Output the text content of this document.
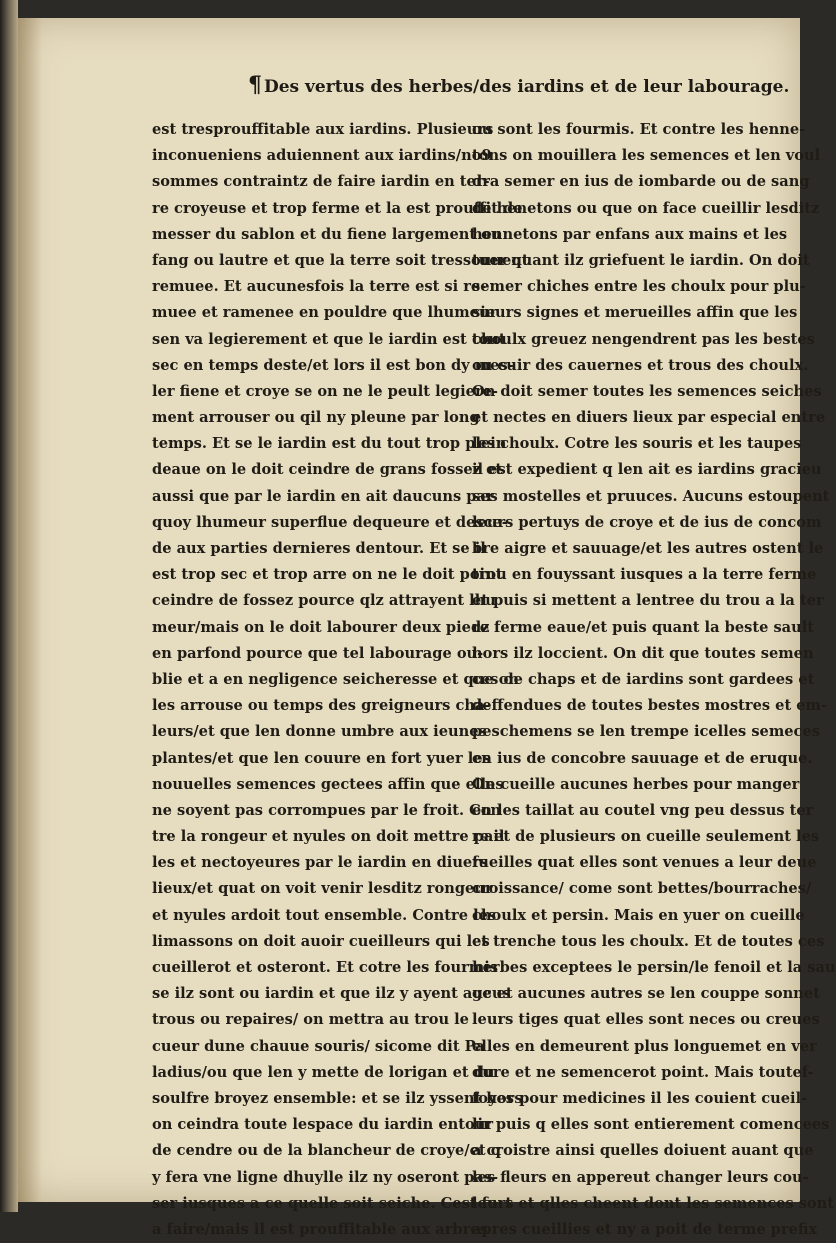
¶ Des vertus des herbes/des iardins et de leur labourage.
est tresprouffitable aux iardins. Plusieurs
inconueniens aduiennent aux iardins/no9
sommes contraintz de faire iardin en ter-
re croyeuse et trop ferme et la est prouffit de
messer du sablon et du fiene largement ou
fang ou lautre et que la terre soit tressouuent
remuee. Et aucunesfois la terre est si re-
muee et ramenee en pouldre que lhumeur
sen va legierement et que le iardin est tout
sec en temps deste/et lors il est bon dy mes-
ler fiene et croye se on ne le peult legiere-
ment arrouser ou qil ny pleune par long
temps. Et se le iardin est du tout trop plein
deaue on le doit ceindre de grans fossez et
aussi que par le iardin en ait daucuns par
quoy lhumeur superflue dequeure et desce-
de aux parties dernieres dentour. Et se il
est trop sec et trop arre on ne le doit point
ceindre de fossez pource qlz attrayent lhu
meur/mais on le doit labourer deux piedz
en parfond pource que tel labourage ou-
blie et a en negligence seicheresse et que on
les arrouse ou temps des greigneurs cha-
leurs/et que len donne umbre aux ieunes
plantes/et que len couure en fort yuer les
nouuelles semences gectees affin que elles
ne soyent pas corrompues par le froit. Con
tre la rongeur et nyules on doit mettre pail
les et nectoyeures par le iardin en diuers
lieux/et quat on voit venir lesditz rongeur
et nyules ardoit tout ensemble. Contre les
limassons on doit auoir cueilleurs qui les
cueillerot et osteront. Et cotre les fourmis
se ilz sont ou iardin et que ilz y ayent aucus
trous ou repaires/ on mettra au trou le
cueur dune chauue souris/ sicome dit Pa
ladius/ou que len y mette de lorigan et du
soulfre broyez ensemble: et se ilz yssent hors
on ceindra toute lespace du iardin entour
de cendre ou de la blancheur de croye/et q
y fera vne ligne dhuylle ilz ny oseront pas-
ser iusques a ce quelle soit seiche. Cest fort
a faire/mais il est prouffitable aux arbres
ou sont les fourmis. Et contre les henne-
tons on mouillera les semences et len voul
dra semer en ius de iombarde ou de sang
de henetons ou que on face cueillir lesditz
hennetons par enfans aux mains et les
tuer quant ilz griefuent le iardin. On doit
semer chiches entre les choulx pour plu-
sieurs signes et merueilles affin que les
choulx greuez nengendrent pas les bestes
ou cuir des cauernes et trous des choulx.
On doit semer toutes les semences seiches
et nectes en diuers lieux par especial entre
les choulx. Cotre les souris et les taupes
il est expedient q len ait es iardins gracieu
ses mostelles et pruuces. Aucuns estoupent
leurs pertuys de croye et de ius de concom
bre aigre et sauuage/et les autres ostent le
trou en fouyssant iusques a la terre ferme
et puis si mettent a lentree du trou a la ter
re ferme eaue/et puis quant la beste sault
hors ilz loccient. On dit que toutes semen
ces de chaps et de iardins sont gardees et
deffendues de toutes bestes mostres et em-
peschemens se len trempe icelles semeces
en ius de concobre sauuage et de eruque.
On cueille aucunes herbes pour manger
en les taillat au coutel vng peu dessus ter
re et de plusieurs on cueille seulement les
fueilles quat elles sont venues a leur deue
croissance/ come sont bettes/bourraches/
choulx et persin. Mais en yuer on cueille
et trenche tous les choulx. Et de toutes ces
herbes exceptees le persin/le fenoil et la sau
ge et aucunes autres se len couppe sonnet
leurs tiges quat elles sont neces ou creues
elles en demeurent plus longuemet en ver
dure et ne semencerot point. Mais toutef-
foyes pour medicines il les couient cueil-
lir puis q elles sont entierement comencees
a croistre ainsi quelles doiuent auant que
les fleurs en appereut changer leurs cou-
leurs et qlles cheent dont les semences sont
apres cueillies et ny a poit de terme prefix
